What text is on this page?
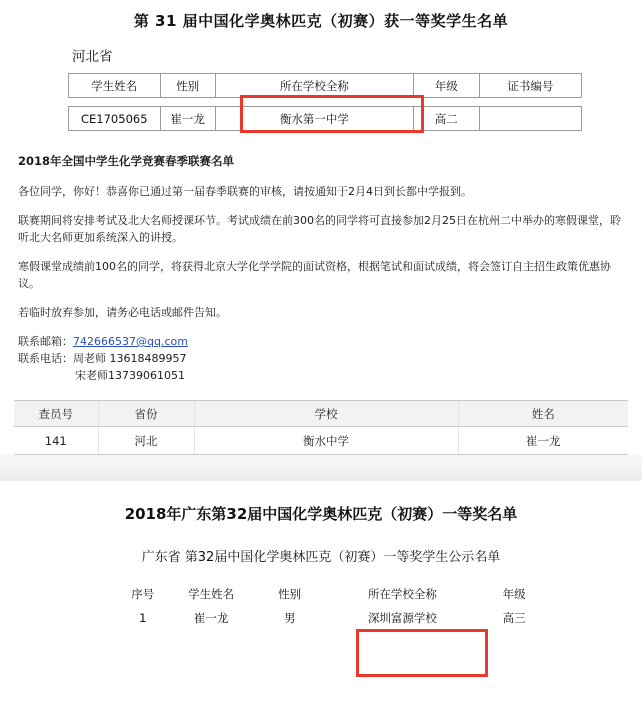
第 31 届中国化学奥林匹克（初赛）获一等奖学生名单
河北省
学生姓名	性别	所在学校全称	年级	证书编号

CE1705065	崔一龙	衡水第一中学	高二	
2018年全国中学生化学竞赛春季联赛名单

各位同学，你好！恭喜你已通过第一届春季联赛的审核，请按通知于2月4日到长都中学报到。

联赛期间将安排考试及北大名师授课环节。考试成绩在前300名的同学将可直接参加2月25日在杭州二中举办的寒假课堂，聆听北大名师更加系统深入的讲授。

寒假课堂成绩前100名的同学，将获得北京大学化学学院的面试资格，根据笔试和面试成绩，将会签订自主招生政策优惠协议。

若临时放弃参加，请务必电话或邮件告知。

联系邮箱：742666537@qq.com

联系电话：周老师 13618489957

宋老师13739061051

查员号	省份	学校	姓名
141	河北	衡水中学	崔一龙
2018年广东第32届中国化学奥林匹克（初赛）一等奖名单
广东省 第32届中国化学奥林匹克（初赛）一等奖学生公示名单
序号	学生姓名	性别	所在学校全称	年级
1	崔一龙	男	深圳富源学校	高三
